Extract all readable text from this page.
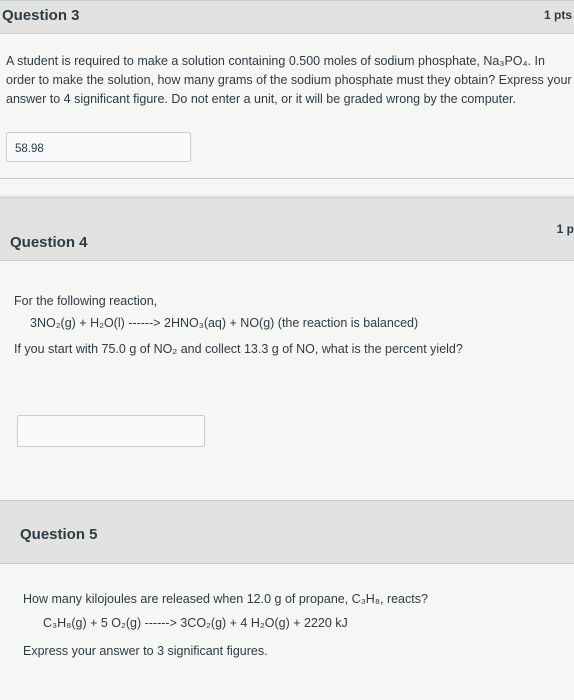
Question 3	1 pts
A student is required to make a solution containing 0.500 moles of sodium phosphate, Na₃PO₄. In order to make the solution, how many grams of the sodium phosphate must they obtain? Express your answer to 4 significant figure. Do not enter a unit, or it will be graded wrong by the computer.
58.98
Question 4
1 p
For the following reaction,
3NO₂(g) + H₂O(l) ------> 2HNO₃(aq) + NO(g) (the reaction is balanced)
If you start with 75.0 g of NO₂ and collect 13.3 g of NO, what is the percent yield?
Question 5
How many kilojoules are released when 12.0 g of propane, C₃H₈, reacts?
C₃H₈(g) + 5 O₂(g) ------> 3CO₂(g) + 4 H₂O(g) + 2220 kJ
Express your answer to 3 significant figures.
